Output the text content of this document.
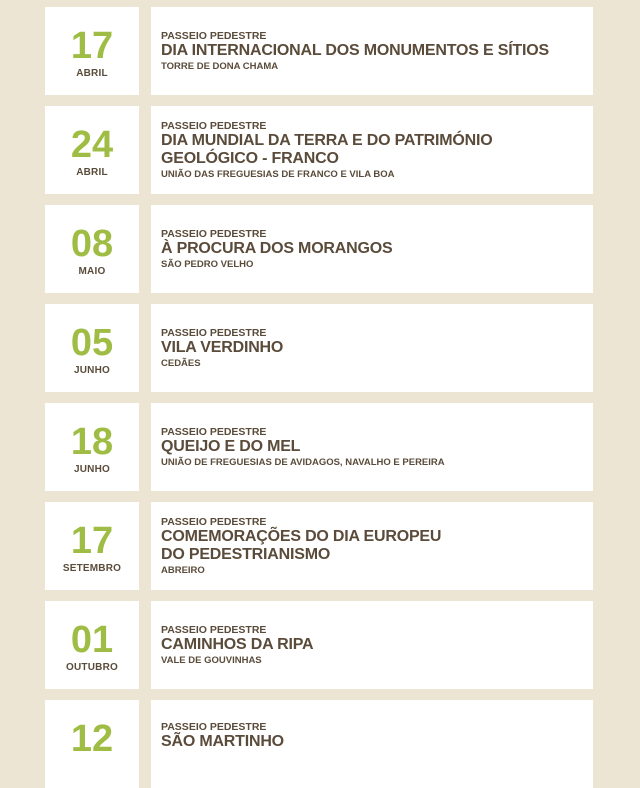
17
ABRIL
PASSEIO PEDESTRE
DIA INTERNACIONAL DOS MONUMENTOS E SÍTIOS
TORRE DE DONA CHAMA
24
ABRIL
PASSEIO PEDESTRE
DIA MUNDIAL DA TERRA E DO PATRIMÓNIO
GEOLÓGICO - FRANCO
UNIÃO DAS FREGUESIAS DE FRANCO E VILA BOA
08
MAIO
PASSEIO PEDESTRE
À PROCURA DOS MORANGOS
SÃO PEDRO VELHO
05
JUNHO
PASSEIO PEDESTRE
VILA VERDINHO
CEDÃES
18
JUNHO
PASSEIO PEDESTRE
QUEIJO E DO MEL
UNIÃO DE FREGUESIAS DE AVIDAGOS, NAVALHO E PEREIRA
17
SETEMBRO
PASSEIO PEDESTRE
COMEMORAÇÕES DO DIA EUROPEU
DO PEDESTRIANISMO
ABREIRO
01
OUTUBRO
PASSEIO PEDESTRE
CAMINHOS DA RIPA
VALE DE GOUVINHAS
12	PASSEIO PEDESTRE
SÃO MARTINHO
